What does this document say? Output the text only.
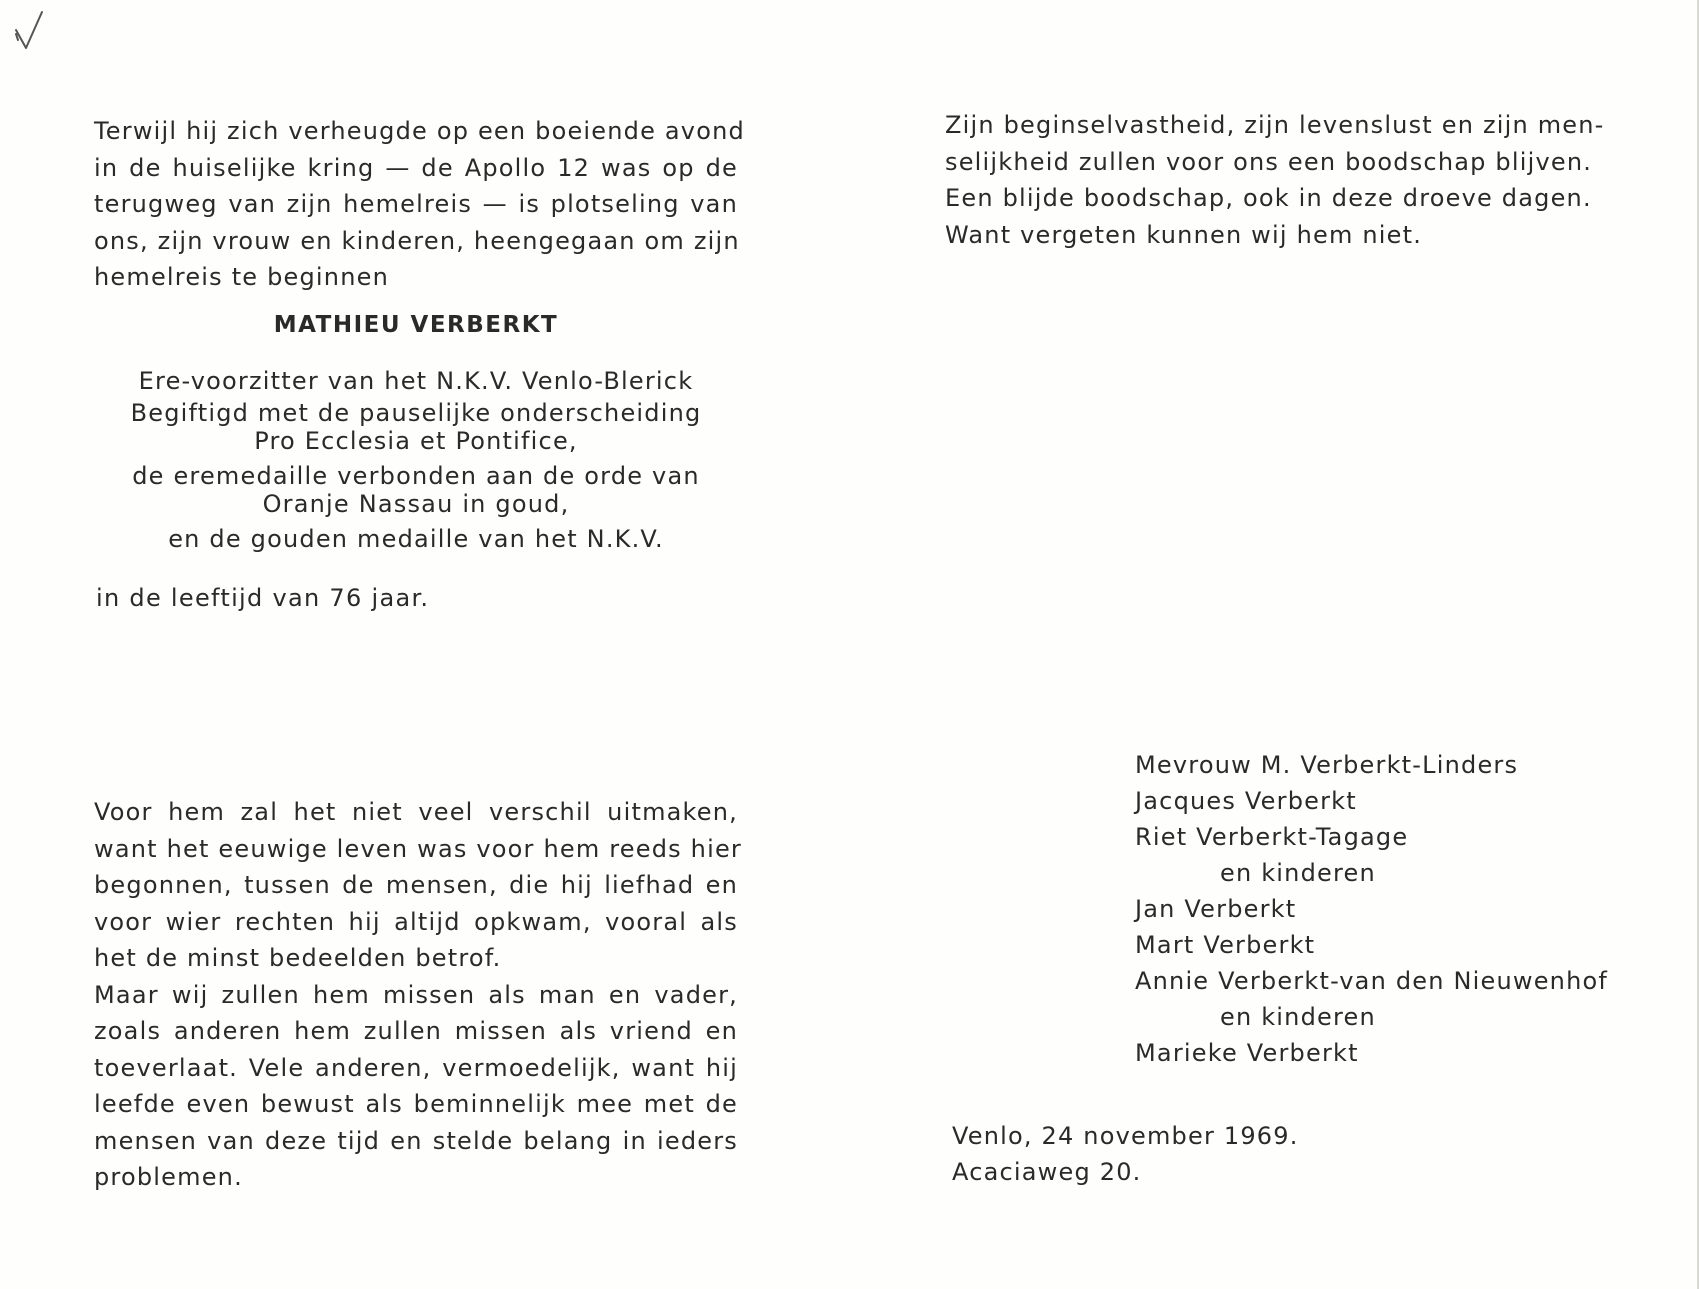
Terwijl hij zich verheugde op een boeiende avond
in de huiselijke kring — de Apollo 12 was op de
terugweg van zijn hemelreis — is plotseling van
ons, zijn vrouw en kinderen, heengegaan om zijn
hemelreis te beginnen

MATHIEU VERBERKT
Ere-voorzitter van het N.K.V. Venlo-Blerick
Begiftigd met de pauselijke onderscheiding
Pro Ecclesia et Pontifice,
de eremedaille verbonden aan de orde van
Oranje Nassau in goud,
en de gouden medaille van het N.K.V.
in de leeftijd van 76 jaar.

Voor hem zal het niet veel verschil uitmaken,
want het eeuwige leven was voor hem reeds hier
begonnen, tussen de mensen, die hij liefhad en
voor wier rechten hij altijd opkwam, vooral als
het de minst bedeelden betrof.
Maar wij zullen hem missen als man en vader,
zoals anderen hem zullen missen als vriend en
toeverlaat. Vele anderen, vermoedelijk, want hij
leefde even bewust als beminnelijk mee met de
mensen van deze tijd en stelde belang in ieders
problemen.

Zijn beginselvastheid, zijn levenslust en zijn men-
selijkheid zullen voor ons een boodschap blijven.
Een blijde boodschap, ook in deze droeve dagen.
Want vergeten kunnen wij hem niet.

Mevrouw M. Verberkt-Linders
Jacques Verberkt
Riet Verberkt-Tagage
en kinderen
Jan Verberkt
Mart Verberkt
Annie Verberkt-van den Nieuwenhof
en kinderen
Marieke Verberkt
Venlo, 24 november 1969.
Acaciaweg 20.
